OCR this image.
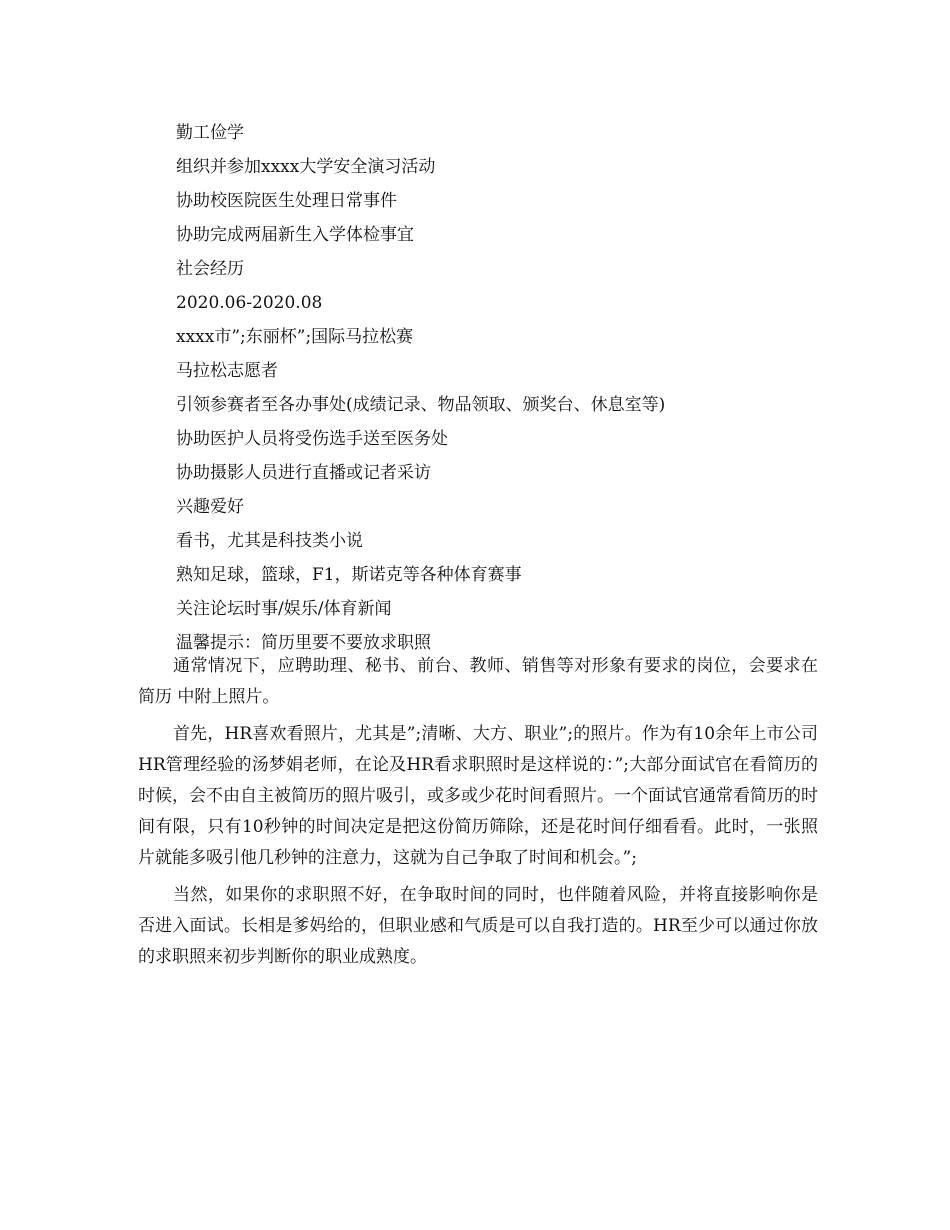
勤工俭学
组织并参加xxxx大学安全演习活动
协助校医院医生处理日常事件
协助完成两届新生入学体检事宜
社会经历
2020.06-2020.08
xxxx市”;东丽杯”;国际马拉松赛
马拉松志愿者
引领参赛者至各办事处(成绩记录、物品领取、颁奖台、休息室等)
协助医护人员将受伤选手送至医务处
协助摄影人员进行直播或记者采访
兴趣爱好
看书，尤其是科技类小说
熟知足球，篮球，F1，斯诺克等各种体育赛事
关注论坛时事/娱乐/体育新闻
温馨提示：简历里要不要放求职照

通常情况下，应聘助理、秘书、前台、教师、销售等对形象有要求的岗位，会要求在简历 中附上照片。

首先，HR喜欢看照片，尤其是”;清晰、大方、职业”;的照片。作为有10余年上市公司HR管理经验的汤梦娟老师，在论及HR看求职照时是这样说的：”;大部分面试官在看简历的时候，会不由自主被简历的照片吸引，或多或少花时间看照片。一个面试官通常看简历的时间有限，只有10秒钟的时间决定是把这份简历筛除，还是花时间仔细看看。此时，一张照片就能多吸引他几秒钟的注意力，这就为自己争取了时间和机会。”;

当然，如果你的求职照不好，在争取时间的同时，也伴随着风险，并将直接影响你是否进入面试。长相是爹妈给的，但职业感和气质是可以自我打造的。HR至少可以通过你放的求职照来初步判断你的职业成熟度。
